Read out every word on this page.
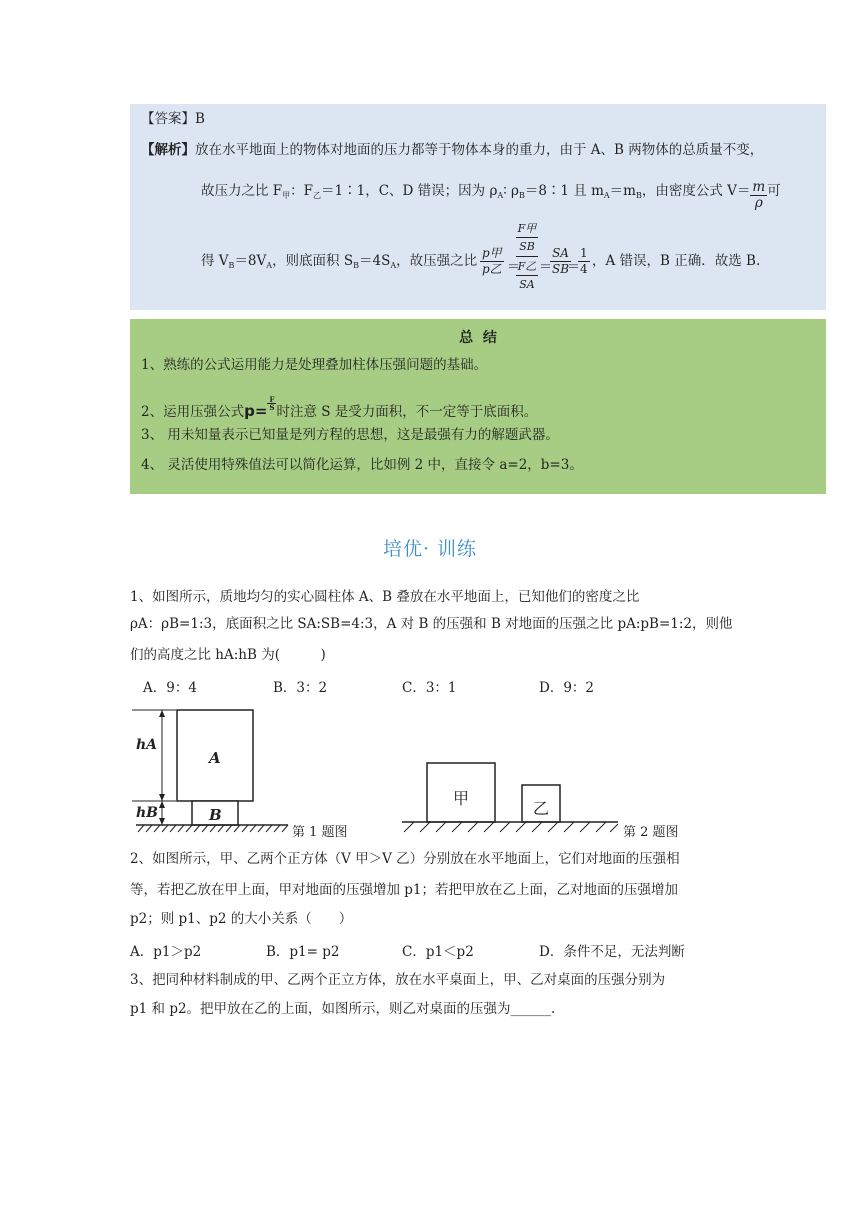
【答案】B
【解析】放在水平地面上的物体对地面的压力都等于物体本身的重力，由于 A、B 两物体的总质量不变，
故压力之比 $F_甲$：$F_乙=1∶1$，C、D 错误；因为 $\rho_A∶$ $\rho_B=8∶1$ 且 $m_A=m_B$，由密度公式 $V= \frac{m}{\rho}$ 可
得 $V_B=8V_A$，则底面积 $S_B=4S_A$，故压强之比 $\frac{\text{p甲}}{\text{p乙}}$ ＝
F甲
SB
F乙
SA
＝
$\frac{SA}{SB}$
＝
$\frac{1}{4}$ ，A 错误，B 正确．故选 B.
总  结
1、熟练的公式运用能力是处理叠加柱体压强问题的基础。
2、运用压强公式$p= \frac{F}{S}$
时注意 S 是受力面积，不一定等于底面积。
3、 用未知量表示已知量是列方程的思想，这是最强有力的解题武器。
4、 灵活使用特殊值法可以简化运算，比如例 2 中，直接令 a=2，b=3。
培优· 训练
1、如图所示，质地均匀的实心圆柱体 A、B 叠放在水平地面上，已知他们的密度之比
ρA：ρB=1:3，底面积之比 SA:SB=4:3，A 对 B 的压强和 B 对地面的压强之比 pA:pB=1:2，则他
们的高度之比 hA:hB 为(　　　)
A．9：4	B．3：2	C．3：1	D．9：2
hA
hB
A
B
第 1 题图
甲
乙
第 2 题图
2、如图所示，甲、乙两个正方体（V 甲＞V 乙）分别放在水平地面上，它们对地面的压强相
等，若把乙放在甲上面，甲对地面的压强增加 p1；若把甲放在乙上面，乙对地面的压强增加
p2；则 p1、p2 的大小关系（　　）
A．p1＞p2	B．p1= p2	C．p1＜p2	D．条件不足，无法判断
3、把同种材料制成的甲、乙两个正立方体，放在水平桌面上，甲、乙对桌面的压强分别为
p1 和 p2。把甲放在乙的上面，如图所示，则乙对桌面的压强为______.
